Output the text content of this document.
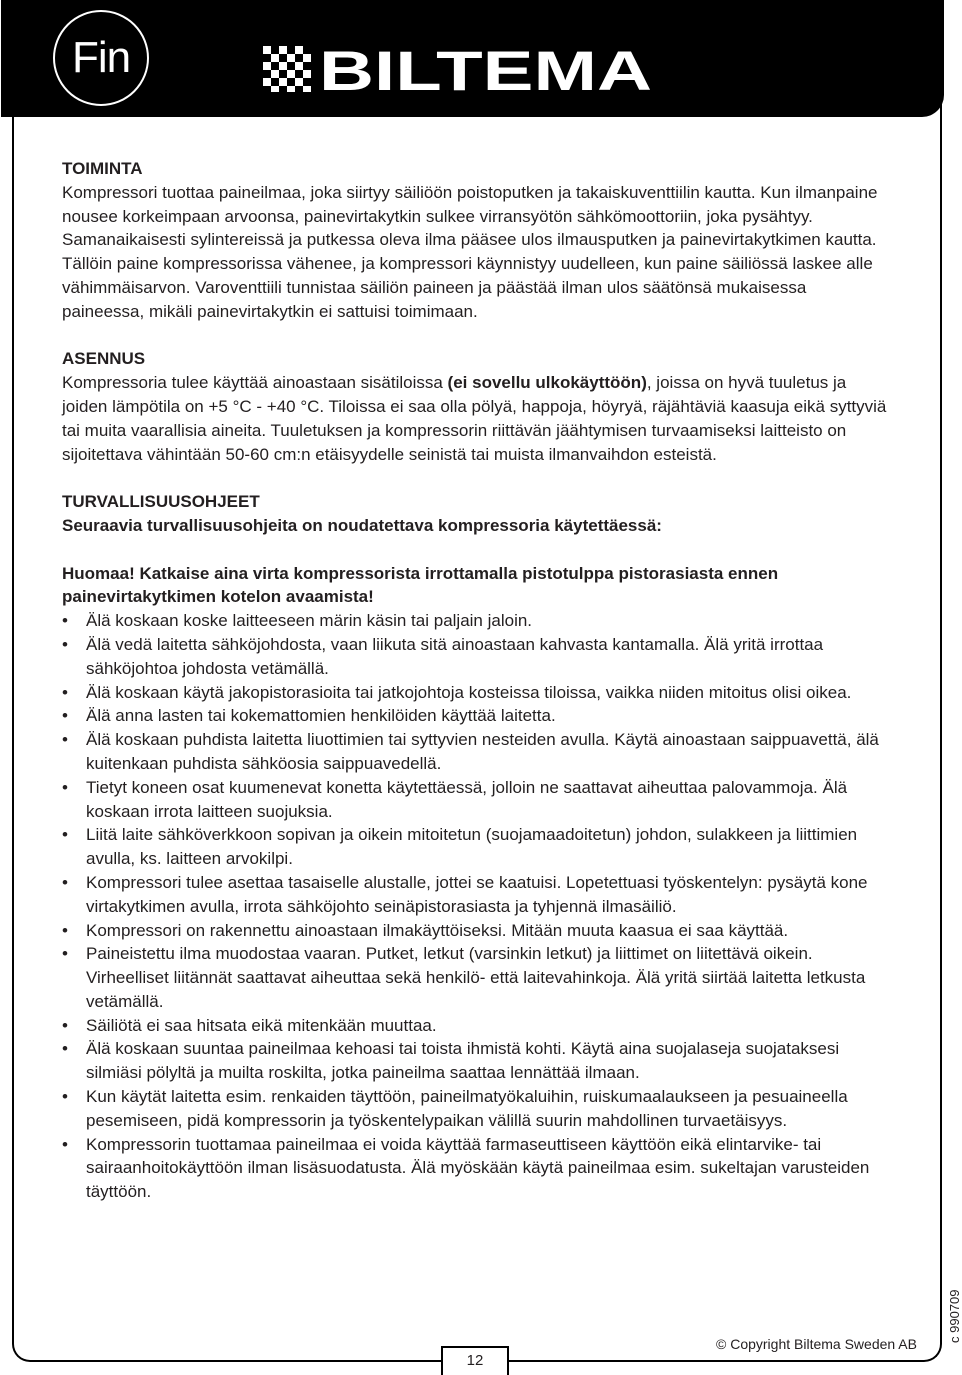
Fin	BILTEMA

TOIMINTA

Kompressori tuottaa paineilmaa, joka siirtyy säiliöön poistoputken ja takaiskuventtiilin kautta. Kun ilmanpaine nousee korkeimpaan arvoonsa, painevirtakytkin sulkee virransyötön sähkömoottoriin, joka pysähtyy. Samanaikaisesti sylintereissä ja putkessa oleva ilma pääsee ulos ilmausputken ja painevirtakytkimen kautta. Tällöin paine kompressorissa vähenee, ja kompressori käynnistyy uudelleen, kun paine säiliössä laskee alle vähimmäisarvon. Varoventtiili tunnistaa säiliön paineen ja päästää ilman ulos säätönsä mukaisessa paineessa, mikäli painevirtakytkin ei sattuisi toimimaan.

ASENNUS

Kompressoria tulee käyttää ainoastaan sisätiloissa (ei sovellu ulkokäyttöön), joissa on hyvä tuuletus ja joiden lämpötila on +5 °C - +40 °C. Tiloissa ei saa olla pölyä, happoja, höyryä, räjähtäviä kaasuja eikä syttyviä tai muita vaarallisia aineita. Tuuletuksen ja kompressorin riittävän jäähtymisen turvaamiseksi laitteisto on sijoitettava vähintään 50-60 cm:n etäisyydelle seinistä tai muista ilmanvaihdon esteistä.

TURVALLISUUSOHJEET

Seuraavia turvallisuusohjeita on noudatettava kompressoria käytettäessä:

Huomaa! Katkaise aina virta kompressorista irrottamalla pistotulppa pistorasiasta ennen painevirtakytkimen kotelon avaamista!

• Älä koskaan koske laitteeseen märin käsin tai paljain jaloin.
• Älä vedä laitetta sähköjohdosta, vaan liikuta sitä ainoastaan kahvasta kantamalla. Älä yritä irrottaa sähköjohtoa johdosta vetämällä.
• Älä koskaan käytä jakopistorasioita tai jatkojohtoja kosteissa tiloissa, vaikka niiden mitoitus olisi oikea.
• Älä anna lasten tai kokemattomien henkilöiden käyttää laitetta.
• Älä koskaan puhdista laitetta liuottimien tai syttyvien nesteiden avulla. Käytä ainoastaan saippuavettä, älä kuitenkaan puhdista sähköosia saippuavedellä.
• Tietyt koneen osat kuumenevat konetta käytettäessä, jolloin ne saattavat aiheuttaa palovammoja. Älä koskaan irrota laitteen suojuksia.
• Liitä laite sähköverkkoon sopivan ja oikein mitoitetun (suojamaadoitetun) johdon, sulakkeen ja liittimien avulla, ks. laitteen arvokilpi.
• Kompressori tulee asettaa tasaiselle alustalle, jottei se kaatuisi. Lopetettuasi työskentelyn: pysäytä kone virtakytkimen avulla, irrota sähköjohto seinäpistorasiasta ja tyhjennä ilmasäiliö.
• Kompressori on rakennettu ainoastaan ilmakäyttöiseksi. Mitään muuta kaasua ei saa käyttää.
• Paineistettu ilma muodostaa vaaran. Putket, letkut (varsinkin letkut) ja liittimet on liitettävä oikein. Virheelliset liitännät saattavat aiheuttaa sekä henkilö- että laitevahinkoja. Älä yritä siirtää laitetta letkusta vetämällä.
• Säiliötä ei saa hitsata eikä mitenkään muuttaa.
• Älä koskaan suuntaa paineilmaa kehoasi tai toista ihmistä kohti. Käytä aina suojalaseja suojataksesi silmiäsi pölyltä ja muilta roskilta, jotka paineilma saattaa lennättää ilmaan.
• Kun käytät laitetta esim. renkaiden täyttöön, paineilmatyökaluihin, ruiskumaalaukseen ja pesuaineella pesemiseen, pidä kompressorin ja työskentelypaikan välillä suurin mahdollinen turvaetäisyys.
• Kompressorin tuottamaa paineilmaa ei voida käyttää farmaseuttiseen käyttöön eikä elintarvike- tai sairaanhoitokäyttöön ilman lisäsuodatusta. Älä myöskään käytä paineilmaa esim. sukeltajan varusteiden täyttöön.
12
© Copyright Biltema Sweden AB
c 990709
